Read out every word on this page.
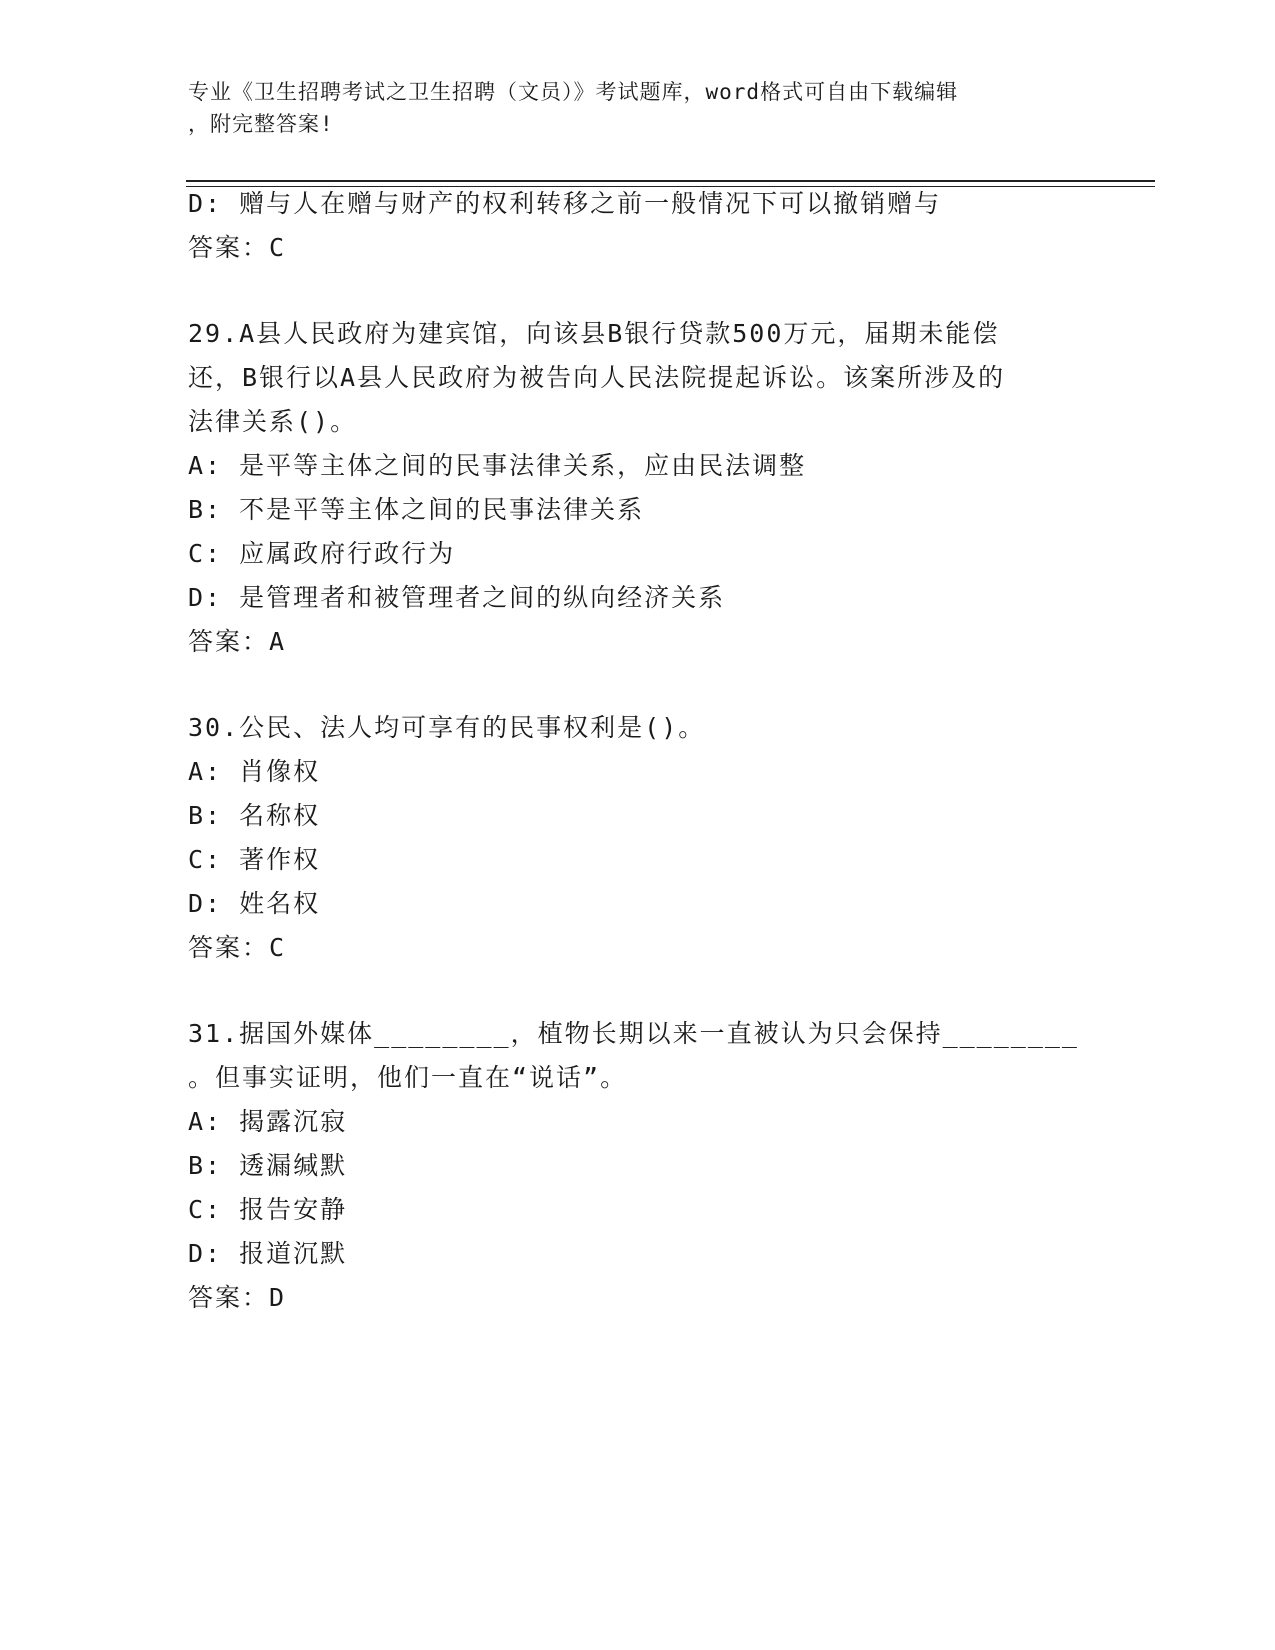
专业《卫生招聘考试之卫生招聘（文员）》考试题库，word格式可自由下载编辑
，附完整答案!
D: 赠与人在赠与财产的权利转移之前一般情况下可以撤销赠与
答案：C
29.A县人民政府为建宾馆，向该县B银行贷款500万元，届期未能偿
还，B银行以A县人民政府为被告向人民法院提起诉讼。该案所涉及的
法律关系()。
A: 是平等主体之间的民事法律关系，应由民法调整
B: 不是平等主体之间的民事法律关系
C: 应属政府行政行为
D: 是管理者和被管理者之间的纵向经济关系
答案：A
30.公民、法人均可享有的民事权利是()。
A: 肖像权
B: 名称权
C: 著作权
D: 姓名权
答案：C
31.据国外媒体________，植物长期以来一直被认为只会保持________
。但事实证明，他们一直在“说话”。
A: 揭露沉寂
B: 透漏缄默
C: 报告安静
D: 报道沉默
答案：D
